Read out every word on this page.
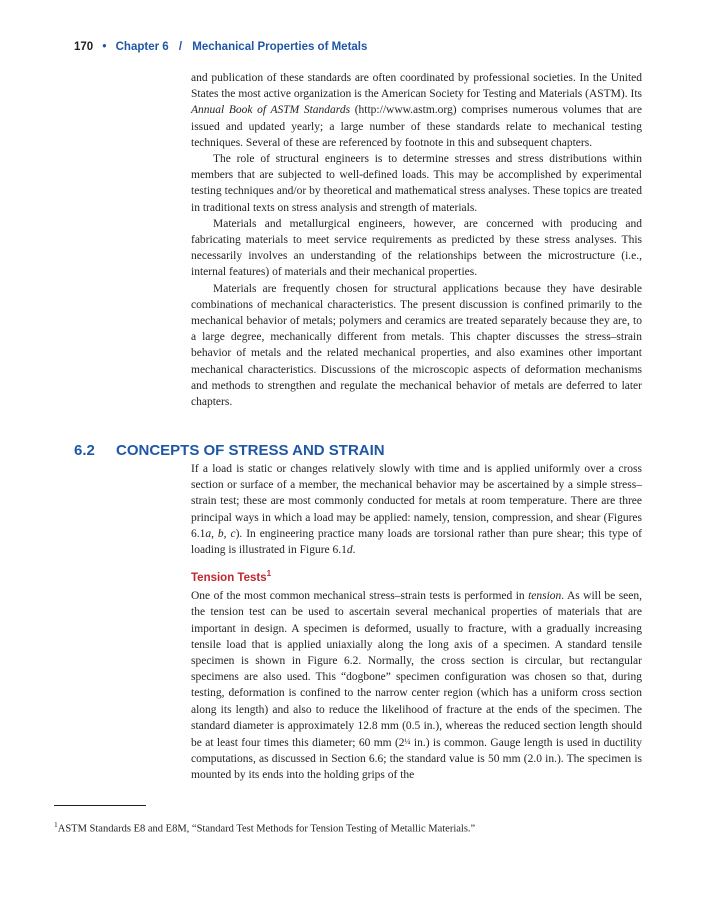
170 • Chapter 6 / Mechanical Properties of Metals

and publication of these standards are often coordinated by professional societies. In the United States the most active organization is the American Society for Testing and Materials (ASTM). Its Annual Book of ASTM Standards (http://www.astm.org) comprises numerous volumes that are issued and updated yearly; a large number of these standards relate to mechanical testing techniques. Several of these are referenced by footnote in this and subsequent chapters.

The role of structural engineers is to determine stresses and stress distributions within members that are subjected to well-defined loads. This may be accomplished by experimental testing techniques and/or by theoretical and mathematical stress analyses. These topics are treated in traditional texts on stress analysis and strength of materials.

Materials and metallurgical engineers, however, are concerned with producing and fabricating materials to meet service requirements as predicted by these stress analyses. This necessarily involves an understanding of the relationships between the microstructure (i.e., internal features) of materials and their mechanical properties.

Materials are frequently chosen for structural applications because they have desirable combinations of mechanical characteristics. The present discussion is confined primarily to the mechanical behavior of metals; polymers and ceramics are treated separately because they are, to a large degree, mechanically different from metals. This chapter discusses the stress–strain behavior of metals and the related mechanical properties, and also examines other important mechanical characteristics. Discussions of the microscopic aspects of deformation mechanisms and methods to strengthen and regulate the mechanical behavior of metals are deferred to later chapters.

6.2 CONCEPTS OF STRESS AND STRAIN

If a load is static or changes relatively slowly with time and is applied uniformly over a cross section or surface of a member, the mechanical behavior may be ascertained by a simple stress–strain test; these are most commonly conducted for metals at room temperature. There are three principal ways in which a load may be applied: namely, tension, compression, and shear (Figures 6.1a, b, c). In engineering practice many loads are torsional rather than pure shear; this type of loading is illustrated in Figure 6.1d.

Tension Tests$^1$

One of the most common mechanical stress–strain tests is performed in tension. As will be seen, the tension test can be used to ascertain several mechanical properties of materials that are important in design. A specimen is deformed, usually to fracture, with a gradually increasing tensile load that is applied uniaxially along the long axis of a specimen. A standard tensile specimen is shown in Figure 6.2. Normally, the cross section is circular, but rectangular specimens are also used. This “dogbone” specimen configuration was chosen so that, during testing, deformation is confined to the narrow center region (which has a uniform cross section along its length) and also to reduce the likelihood of fracture at the ends of the specimen. The standard diameter is approximately 12.8 mm (0.5 in.), whereas the reduced section length should be at least four times this diameter; 60 mm (2¼ in.) is common. Gauge length is used in ductility computations, as discussed in Section 6.6; the standard value is 50 mm (2.0 in.). The specimen is mounted by its ends into the holding grips of the

$^1$ASTM Standards E8 and E8M, “Standard Test Methods for Tension Testing of Metallic Materials.”
